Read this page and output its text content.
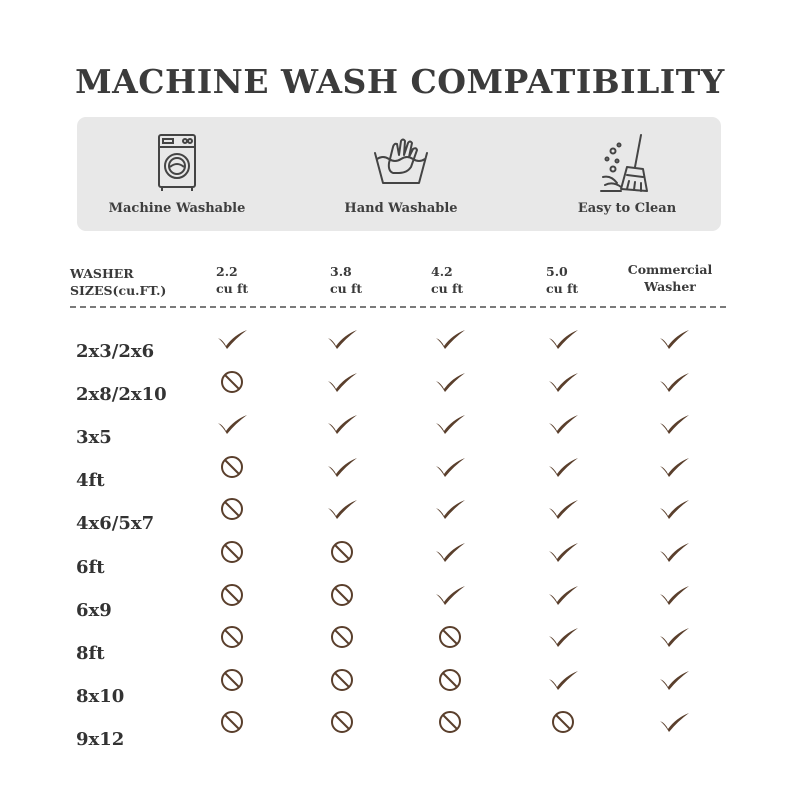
MACHINE WASH COMPATIBILITY
Machine Washable	Hand Washable	Easy to Clean
WASHER
SIZES(cu.FT.)
2.2
cu ft
3.8
cu ft
4.2
cu ft
5.0
cu ft
Commercial
Washer
2x3/2x6
2x8/2x10
3x5
4ft
4x6/5x7
6ft
6x9
8ft
8x10
9x12
